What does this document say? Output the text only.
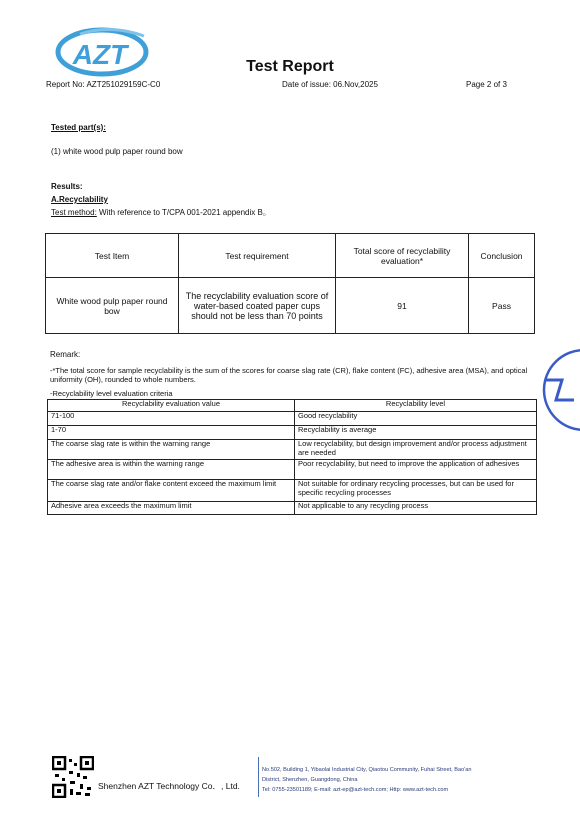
AZT	Test Report
Report No: AZT251029159C-C0	Date of issue: 06.Nov,2025	Page 2 of 3
Tested part(s):
(1) white wood pulp paper round bow
Results:
A.Recyclability
Test method: With reference to T/CPA 001-2021 appendix B。
Test Item	Test requirement	Total score of recyclability evaluation*	Conclusion
White wood pulp paper round bow	The recyclability evaluation score of water-based coated paper cups should not be less than 70 points	91	Pass
Remark:
-*The total score for sample recyclability is the sum of the scores for coarse slag rate (CR), flake content (FC), adhesive area (MSA), and optical uniformity (OH), rounded to whole numbers.
-Recyclability level evaluation criteria
Recyclability evaluation value	Recyclability level
71-100	Good recyclability
1-70	Recyclability is average
The coarse slag rate is within the warning range	Low recyclability, but design improvement and/or process adjustment are needed
The adhesive area is within the warning range	Poor recyclability, but need to improve the application of adhesives
The coarse slag rate and/or flake content exceed the maximum limit	Not suitable for ordinary recycling processes, but can be used for specific recycling processes
Adhesive area exceeds the maximum limit	Not applicable to any recycling process
Shenzhen AZT Technology Co．, Ltd.
No.502, Building 1, Yibaolai Industrial City, Qiaotou Community, Fuhai Street, Bao'an
District, Shenzhen, Guangdong, China
Tel: 0755-23501189; E-mail: azt-ep@azt-tech.com; Http: www.azt-tech.com
